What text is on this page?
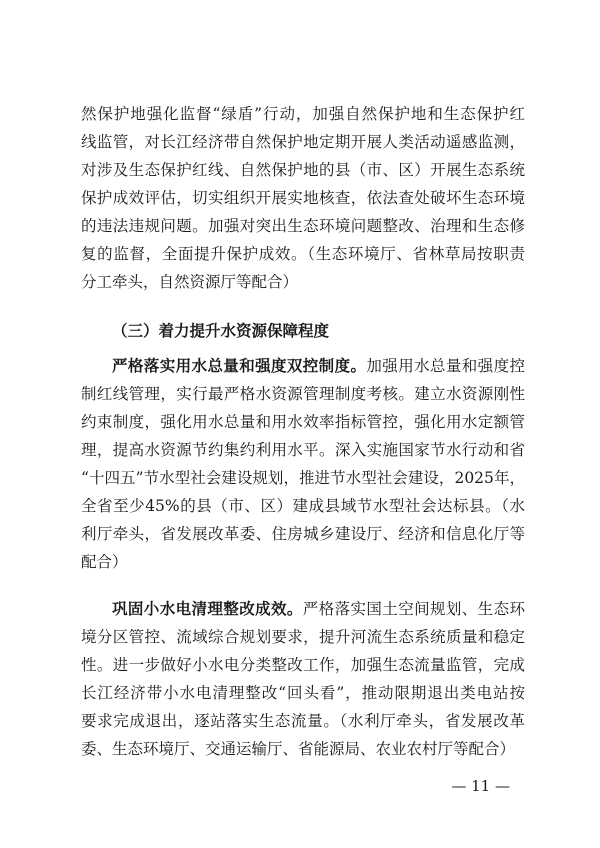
然保护地强化监督“绿盾”行动，加强自然保护地和生态保护红
线监管，对长江经济带自然保护地定期开展人类活动遥感监测，
对涉及生态保护红线、自然保护地的县（市、区）开展生态系统
保护成效评估，切实组织开展实地核查，依法查处破坏生态环境
的违法违规问题。加强对突出生态环境问题整改、治理和生态修
复的监督，全面提升保护成效。（生态环境厅、省林草局按职责
分工牵头，自然资源厅等配合）
（三）着力提升水资源保障程度
严格落实用水总量和强度双控制度。加强用水总量和强度控
制红线管理，实行最严格水资源管理制度考核。建立水资源刚性
约束制度，强化用水总量和用水效率指标管控，强化用水定额管
理，提高水资源节约集约利用水平。深入实施国家节水行动和省
“十四五”节水型社会建设规划，推进节水型社会建设，2025年，
全省至少45%的县（市、区）建成县域节水型社会达标县。（水
利厅牵头，省发展改革委、住房城乡建设厅、经济和信息化厅等
配合）
巩固小水电清理整改成效。严格落实国土空间规划、生态环
境分区管控、流域综合规划要求，提升河流生态系统质量和稳定
性。进一步做好小水电分类整改工作，加强生态流量监管，完成
长江经济带小水电清理整改“回头看”，推动限期退出类电站按
要求完成退出，逐站落实生态流量。（水利厅牵头，省发展改革
委、生态环境厅、交通运输厅、省能源局、农业农村厅等配合）
— 11 —
